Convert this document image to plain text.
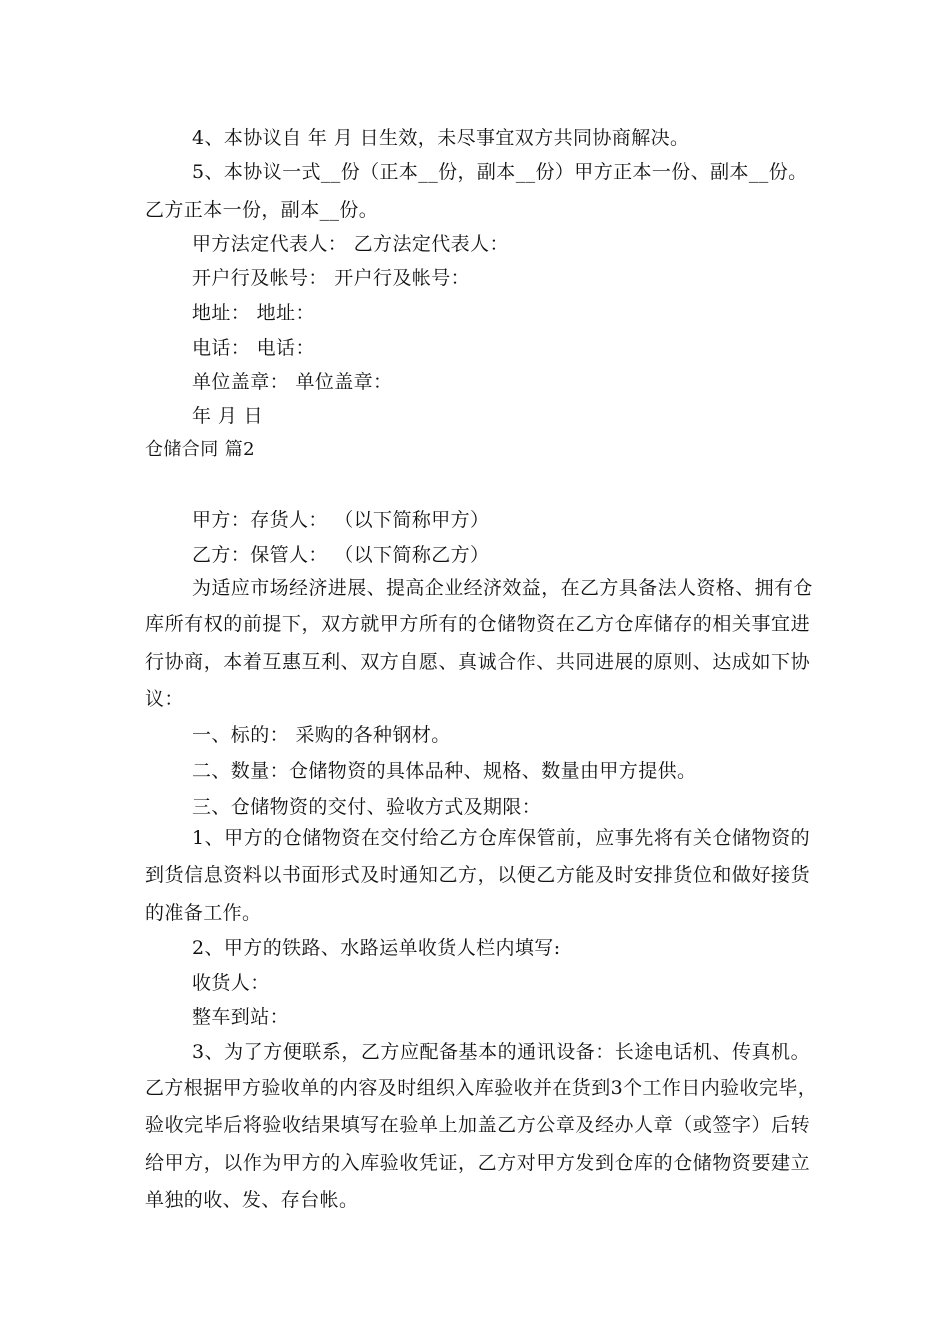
4、本协议自 年 月 日生效，未尽事宜双方共同协商解决。
5、本协议一式__份（正本__份，副本__份）甲方正本一份、副本__份。
乙方正本一份，副本__份。
甲方法定代表人： 乙方法定代表人：
开户行及帐号： 开户行及帐号：
地址： 地址：
电话： 电话：
单位盖章： 单位盖章：
年 月 日
仓储合同 篇2
甲方：存货人： （以下简称甲方）
乙方：保管人： （以下简称乙方）
为适应市场经济进展、提高企业经济效益，在乙方具备法人资格、拥有仓
库所有权的前提下，双方就甲方所有的仓储物资在乙方仓库储存的相关事宜进
行协商，本着互惠互利、双方自愿、真诚合作、共同进展的原则、达成如下协
议：
一、标的： 采购的各种钢材。
二、数量：仓储物资的具体品种、规格、数量由甲方提供。
三、仓储物资的交付、验收方式及期限：
1、甲方的仓储物资在交付给乙方仓库保管前，应事先将有关仓储物资的
到货信息资料以书面形式及时通知乙方，以便乙方能及时安排货位和做好接货
的准备工作。
2、甲方的铁路、水路运单收货人栏内填写:
收货人：
整车到站：
3、为了方便联系，乙方应配备基本的通讯设备：长途电话机、传真机。
乙方根据甲方验收单的内容及时组织入库验收并在货到3个工作日内验收完毕，
验收完毕后将验收结果填写在验单上加盖乙方公章及经办人章（或签字）后转
给甲方，以作为甲方的入库验收凭证，乙方对甲方发到仓库的仓储物资要建立
单独的收、发、存台帐。
